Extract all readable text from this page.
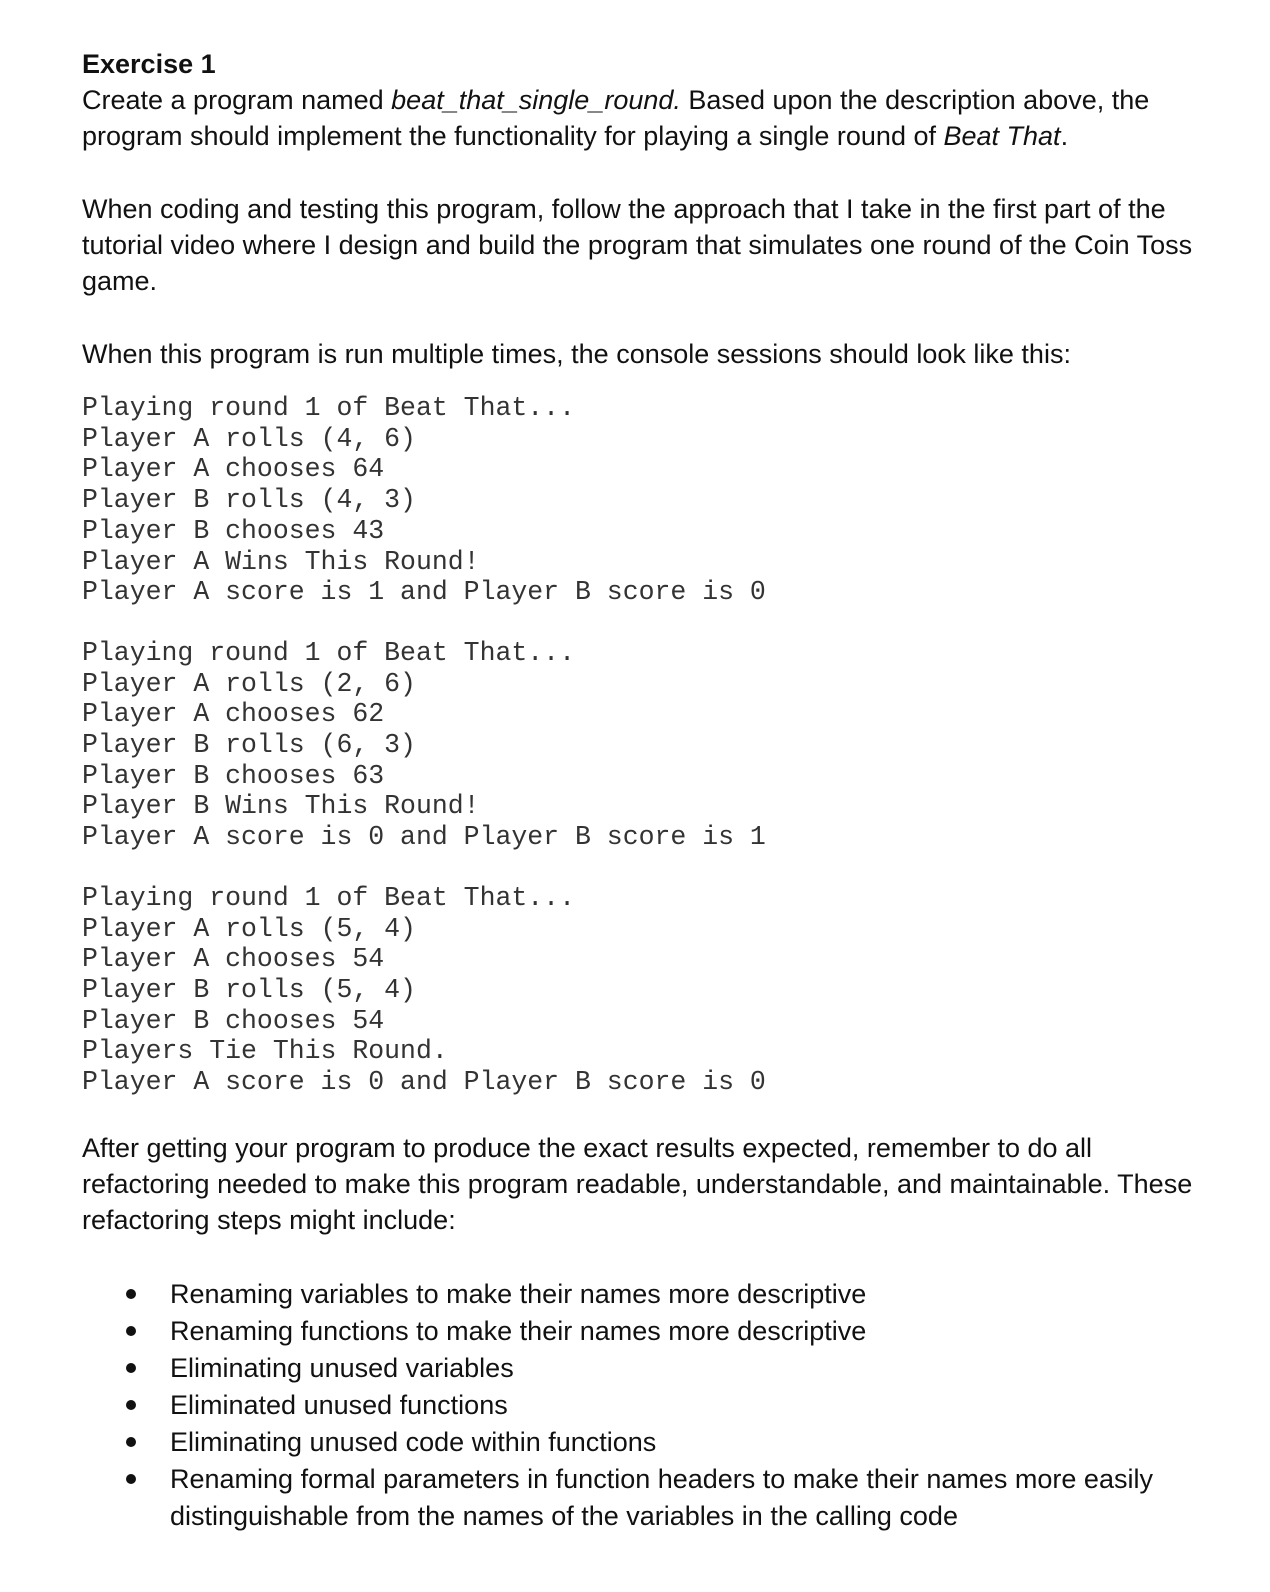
Exercise 1

Create a program named beat_that_single_round. Based upon the description above, the program should implement the functionality for playing a single round of Beat That.

When coding and testing this program, follow the approach that I take in the first part of the tutorial video where I design and build the program that simulates one round of the Coin Toss game.

When this program is run multiple times, the console sessions should look like this:

Playing round 1 of Beat That...
Player A rolls (4, 6)
Player A chooses 64
Player B rolls (4, 3)
Player B chooses 43
Player A Wins This Round!
Player A score is 1 and Player B score is 0
Playing round 1 of Beat That...
Player A rolls (2, 6)
Player A chooses 62
Player B rolls (6, 3)
Player B chooses 63
Player B Wins This Round!
Player A score is 0 and Player B score is 1
Playing round 1 of Beat That...
Player A rolls (5, 4)
Player A chooses 54
Player B rolls (5, 4)
Player B chooses 54
Players Tie This Round.
Player A score is 0 and Player B score is 0

After getting your program to produce the exact results expected, remember to do all refactoring needed to make this program readable, understandable, and maintainable. These refactoring steps might include:

Renaming variables to make their names more descriptive
Renaming functions to make their names more descriptive
Eliminating unused variables
Eliminated unused functions
Eliminating unused code within functions
Renaming formal parameters in function headers to make their names more easily distinguishable from the names of the variables in the calling code
